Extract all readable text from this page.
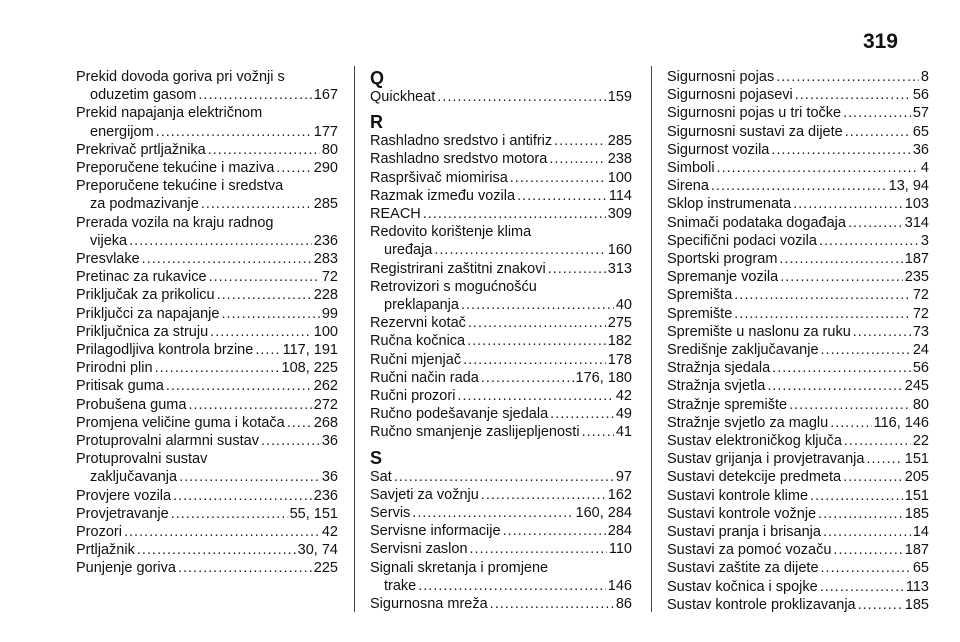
319
Prekid dovoda goriva pri vožnji s
oduzetim gasom .....	167
Prekid napajanja električnom
energijom .....	177
Prekrivač prtljažnika .....	80
Preporučene tekućine i maziva .....	290
Preporučene tekućine i sredstva
za podmazivanje .....	285
Prerada vozila na kraju radnog
vijeka .....	236
Presvlake .....	283
Pretinac za rukavice .....	72
Priključak za prikolicu .....	228
Priključci za napajanje .....	99
Priključnica za struju .....	100
Prilagodljiva kontrola brzine ..... 117, 191
Prirodni plin .....	108, 225
Pritisak guma .....	262
Probušena guma .....	272
Promjena veličine guma i kotača ..... 268
Protuprovalni alarmni sustav .....	36
Protuprovalni sustav
zaključavanja .....	36
Provjere vozila .....	236
Provjetravanje .....	55, 151
Prozori .....	42
Prtljažnik .....	30, 74
Punjenje goriva .....	225
Q
Quickheat .....	159
R
Rashladno sredstvo i antifriz .....	285
Rashladno sredstvo motora .....	238
Raspršivač miomirisa .....	100
Razmak između vozila .....	114
REACH .....	309
Redovito korištenje klima
uređaja .....	160
Registrirani zaštitni znakovi .....	313
Retrovizori s mogućnošću
preklapanja .....	40
Rezervni kotač .....	275
Ručna kočnica .....	182
Ručni mjenjač .....	178
Ručni način rada .....	176, 180
Ručni prozori .....	42
Ručno podešavanje sjedala .....	49
Ručno smanjenje zaslijepljenosti .....	41
S
Sat .....	97
Savjeti za vožnju .....	162
Servis .....	160, 284
Servisne informacije .....	284
Servisni zaslon .....	110
Signali skretanja i promjene
trake .....	146
Sigurnosna mreža .....	86
Sigurnosni pojas .....	8
Sigurnosni pojasevi .....	56
Sigurnosni pojas u tri točke .....	57
Sigurnosni sustavi za dijete .....	65
Sigurnost vozila .....	36
Simboli .....	4
Sirena .....	13, 94
Sklop instrumenata .....	103
Snimači podataka događaja .....	314
Specifični podaci vozila .....	3
Sportski program .....	187
Spremanje vozila .....	235
Spremišta .....	72
Spremište .....	72
Spremište u naslonu za ruku .....	73
Središnje zaključavanje .....	24
Stražnja sjedala .....	56
Stražnja svjetla .....	245
Stražnje spremište .....	80
Stražnje svjetlo za maglu .....	116, 146
Sustav elektroničkog ključa .....	22
Sustav grijanja i provjetravanja .....	151
Sustavi detekcije predmeta .....	205
Sustavi kontrole klime .....	151
Sustavi kontrole vožnje .....	185
Sustavi pranja i brisanja .....	14
Sustavi za pomoć vozaču .....	187
Sustavi zaštite za dijete .....	65
Sustav kočnica i spojke .....	113
Sustav kontrole proklizavanja .....	185
